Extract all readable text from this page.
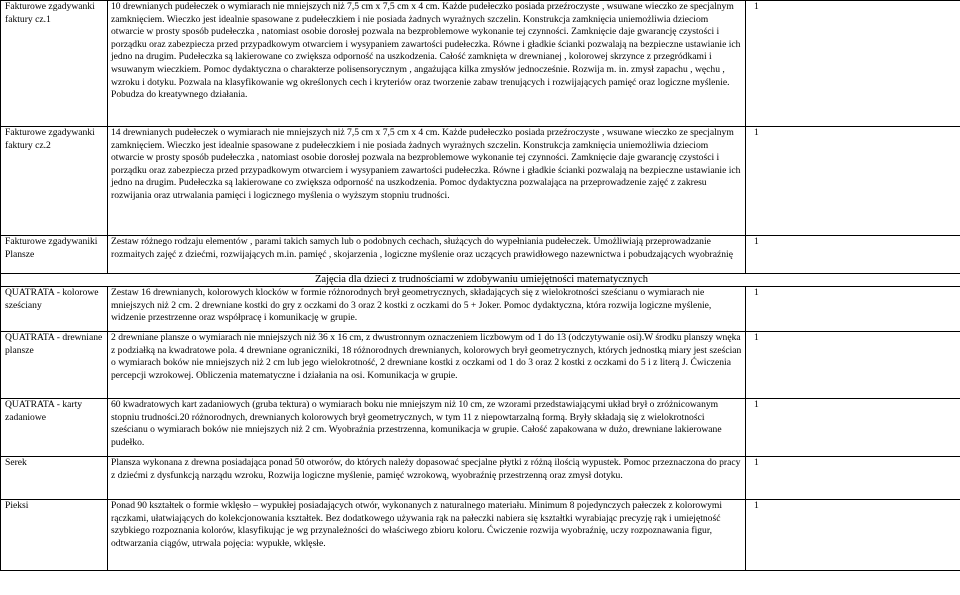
Fakturowe zgadywanki faktury cz.1	10 drewnianych pudełeczek o wymiarach nie mniejszych niż 7,5 cm x 7,5 cm x 4 cm. Każde pudełeczko posiada przeźroczyste , wsuwane wieczko ze specjalnym zamknięciem. Wieczko jest idealnie spasowane z pudełeczkiem i nie posiada żadnych wyrażnych szczelin. Konstrukcja zamknięcia uniemożliwia dzieciom otwarcie w prosty sposób pudełeczka , natomiast osobie dorosłej pozwala na bezproblemowe wykonanie tej czynności. Zamknięcie daje gwarancję czystości i porządku oraz zabezpiecza przed przypadkowym otwarciem i wysypaniem zawartości pudełeczka. Równe i gładkie ścianki pozwalają na bezpieczne ustawianie ich jedno na drugim. Pudełeczka są lakierowane co zwiększa odporność na uszkodzenia. Całość zamknięta w drewnianej , kolorowej skrzynce z przegródkami i wsuwanym wieczkiem. Pomoc dydaktyczna o charakterze polisensorycznym , angażująca kilka zmysłów jednocześnie. Rozwija m. in. zmysł zapachu , węchu , wzroku i dotyku. Pozwala na klasyfikowanie wg określonych cech i kryteriów oraz tworzenie zabaw trenujących i rozwijających pamięć oraz logiczne myślenie. Pobudza do kreatywnego działania.	1
Fakturowe zgadywanki faktury cz.2	14 drewnianych pudełeczek o wymiarach nie mniejszych niż 7,5 cm x 7,5 cm x 4 cm. Każde pudełeczko posiada przeźroczyste , wsuwane wieczko ze specjalnym zamknięciem. Wieczko jest idealnie spasowane z pudełeczkiem i nie posiada żadnych wyrażnych szczelin. Konstrukcja zamknięcia uniemożliwia dzieciom otwarcie w prosty sposób pudełeczka , natomiast osobie dorosłej pozwala na bezproblemowe wykonanie tej czynności. Zamknięcie daje gwarancję czystości i porządku oraz zabezpiecza przed przypadkowym otwarciem i wysypaniem zawartości pudełeczka. Równe i gładkie ścianki pozwalają na bezpieczne ustawianie ich jedno na drugim. Pudełeczka są lakierowane co zwiększa odporność na uszkodzenia. Pomoc dydaktyczna pozwalająca na przeprowadzenie zajęć z zakresu rozwijania oraz utrwalania pamięci i logicznego myślenia o wyższym stopniu trudności.	1
Fakturowe zgadywaniki Plansze	Zestaw różnego rodzaju elementów , parami takich samych lub o podobnych cechach, służących do wypełniania pudełeczek. Umożliwiają przeprowadzanie rozmaitych zajęć z dziećmi, rozwijających m.in. pamięć , skojarzenia , logiczne myślenie oraz uczących prawidłowego nazewnictwa i pobudzających wyobraźnię	1
Zajęcia dla dzieci z trudnościami w zdobywaniu umiejętności matematycznych		
QUATRATA - kolorowe sześciany	Zestaw 16 drewnianych, kolorowych klocków w formie różnorodnych brył geometrycznych, składających się z wielokrotności sześcianu o wymiarach nie mniejszych niż 2 cm. 2 drewniane kostki do gry z oczkami do 3 oraz 2 kostki z oczkami do 5 + Joker. Pomoc dydaktyczna, która rozwija logiczne myślenie, widzenie przestrzenne oraz współpracę i komunikację w grupie.	1
QUATRATA - drewniane plansze	2 drewniane plansze o wymiarach nie mniejszych niż 36 x 16 cm, z dwustronnym oznaczeniem liczbowym od 1 do 13 (odczytywanie osi).W środku planszy wnęka z podziałką na kwadratowe pola. 4 drewniane ograniczniki, 18 różnorodnych drewnianych, kolorowych brył geometrycznych, których jednostką miary jest sześcian o wymiarach boków nie mniejszych niż 2 cm lub jego wielokrotność, 2 drewniane kostki z oczkami od 1 do 3 oraz 2 kostki z oczkami do 5 i z literą J. Ćwiczenia percepcji wzrokowej. Obliczenia matematyczne i działania na osi. Komunikacja w grupie.	1
QUATRATA - karty zadaniowe	60 kwadratowych kart zadaniowych (gruba tektura) o wymiarach boku nie mniejszym niż 10 cm, ze wzorami przedstawiającymi układ brył o zróżnicowanym stopniu trudności.20 różnorodnych, drewnianych kolorowych brył geometrycznych, w tym 11 z niepowtarzalną formą. Bryły składają się z wielokrotności sześcianu o wymiarach boków nie mniejszych niż 2 cm. Wyobraźnia przestrzenna, komunikacja w grupie. Całość zapakowana w dużo, drewniane lakierowane pudełko.	1
Serek	Plansza wykonana z drewna posiadająca ponad 50 otworów, do których należy dopasować specjalne płytki z różną ilością wypustek. Pomoc przeznaczona do pracy z dziećmi z dysfunkcją narządu wzroku, Rozwija logiczne myślenie, pamięć wzrokową, wyobraźnię przestrzenną oraz zmysł dotyku.	1
Pieksi	Ponad 90 kształtek o formie wklęsło – wypukłej posiadających otwór, wykonanych z naturalnego materiału. Minimum 8 pojedynczych pałeczek z kolorowymi rączkami, ułatwiających do kolekcjonowania kształtek. Bez dodatkowego używania rąk na pałeczki nabiera się kształtki wyrabiając precyzję rąk i umiejętność szybkiego rozpoznania kolorów, klasyfikując je wg przynależności do właściwego zbioru koloru. Ćwiczenie rozwija wyobraźnię, uczy rozpoznawania figur, odtwarzania ciągów, utrwala pojęcia: wypukłe, wklęsłe.	1
